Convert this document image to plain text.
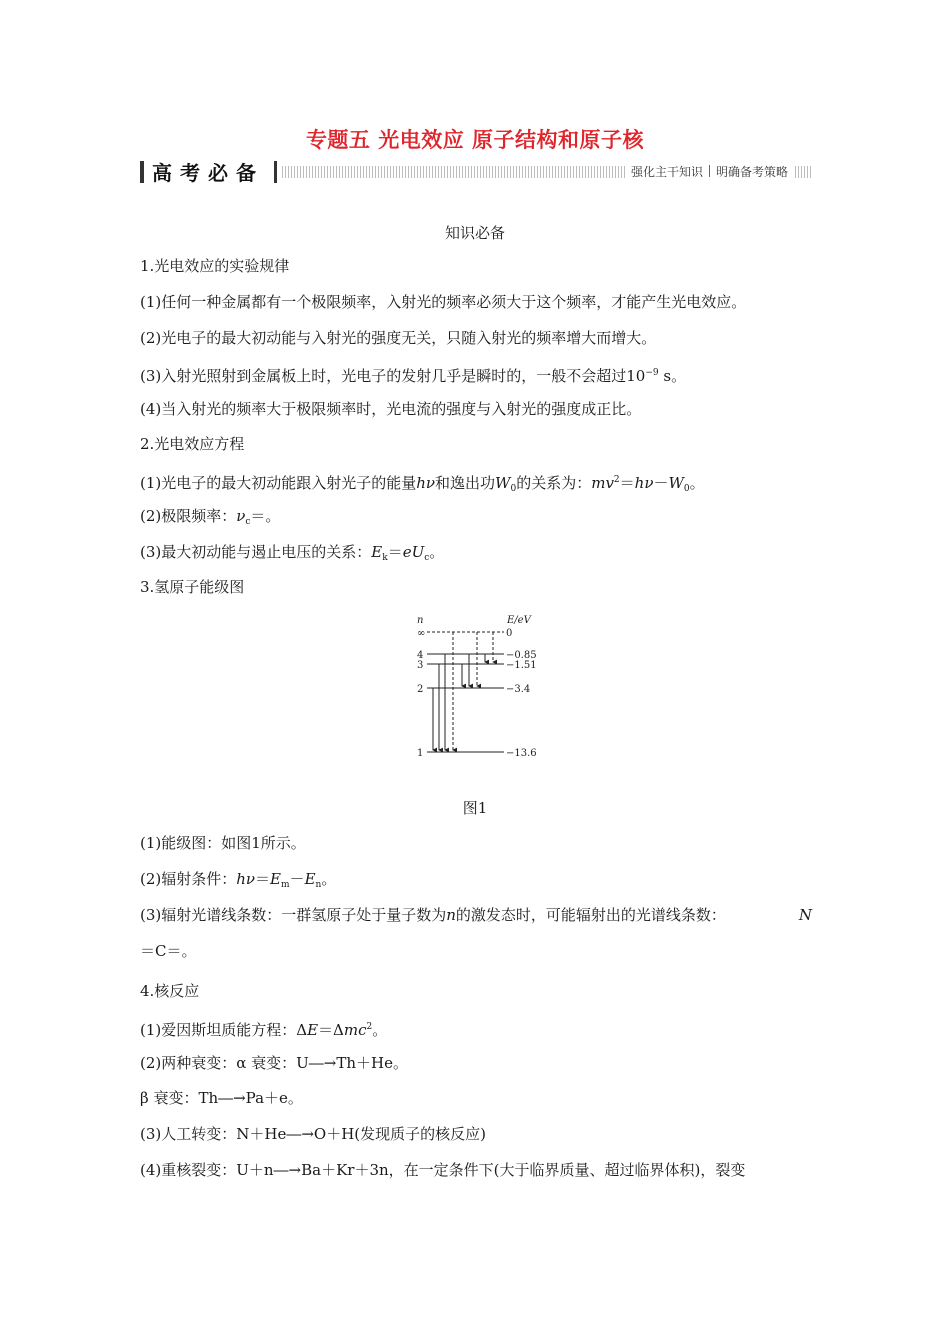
专题五 光电效应 原子结构和原子核
高考必备	强化主干知识 明确备考策略
知识必备
1.光电效应的实验规律
(1)任何一种金属都有一个极限频率，入射光的频率必须大于这个频率，才能产生光电效应。
(2)光电子的最大初动能与入射光的强度无关，只随入射光的频率增大而增大。
(3)入射光照射到金属板上时，光电子的发射几乎是瞬时的，一般不会超过$10^{-9}$ s。
(4)当入射光的频率大于极限频率时，光电流的强度与入射光的强度成正比。
2.光电效应方程
(1)光电子的最大初动能跟入射光子的能量hν和逸出功$W_0$的关系为：$mv^2=h\nu-W_0$。
(2)极限频率：$\nu_c=$。
(3)最大初动能与遏止电压的关系：$E_k=eU_c$。
3.氢原子能级图
n	E/eV
∞
4
3
2
1
0
−0.85
−1.51
−3.4
−13.6
图1
(1)能级图：如图1所示。
(2)辐射条件：$h\nu=E_m-E_n$。
(3)辐射光谱线条数：一群氢原子处于量子数为n的激发态时，可能辐射出的光谱线条数：	N
＝C＝。
4.核反应
(1)爱因斯坦质能方程：ΔE＝Δmc$^2$。
(2)两种衰变：α 衰变：U―→Th＋He。
β 衰变：Th―→Pa＋e。
(3)人工转变：N＋He―→O＋H(发现质子的核反应)
(4)重核裂变：U＋n―→Ba＋Kr＋3n，在一定条件下(大于临界质量、超过临界体积)，裂变
